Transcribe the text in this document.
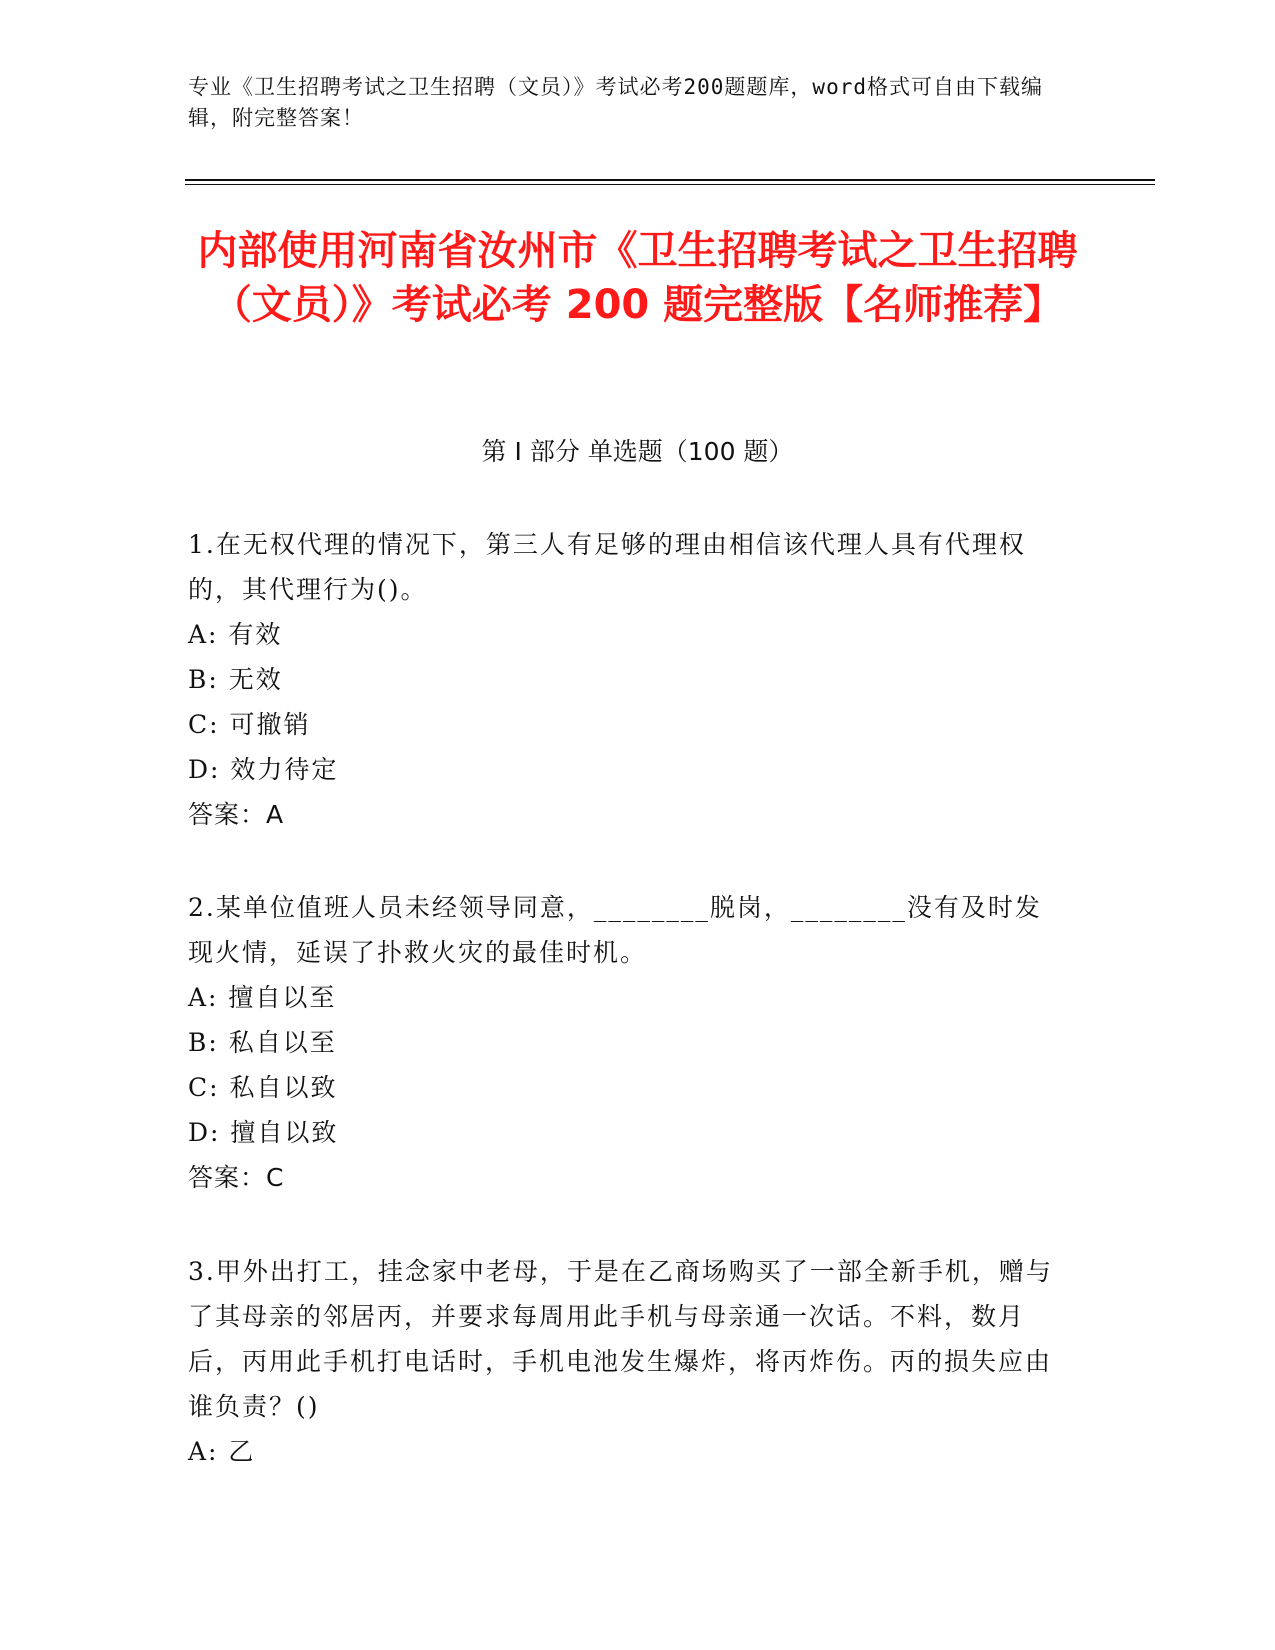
专业《卫生招聘考试之卫生招聘（文员）》考试必考200题题库，word格式可自由下载编辑，附完整答案！
内部使用河南省汝州市《卫生招聘考试之卫生招聘（文员）》考试必考 200 题完整版【名师推荐】
第 I 部分 单选题（100 题）
1.在无权代理的情况下，第三人有足够的理由相信该代理人具有代理权的，其代理行为()。
A: 有效
B: 无效
C: 可撤销
D: 效力待定
答案：A
2.某单位值班人员未经领导同意，________脱岗，________没有及时发现火情，延误了扑救火灾的最佳时机。
A: 擅自以至
B: 私自以至
C: 私自以致
D: 擅自以致
答案：C
3.甲外出打工，挂念家中老母，于是在乙商场购买了一部全新手机，赠与了其母亲的邻居丙，并要求每周用此手机与母亲通一次话。不料，数月后，丙用此手机打电话时，手机电池发生爆炸，将丙炸伤。丙的损失应由谁负责？()
A: 乙
